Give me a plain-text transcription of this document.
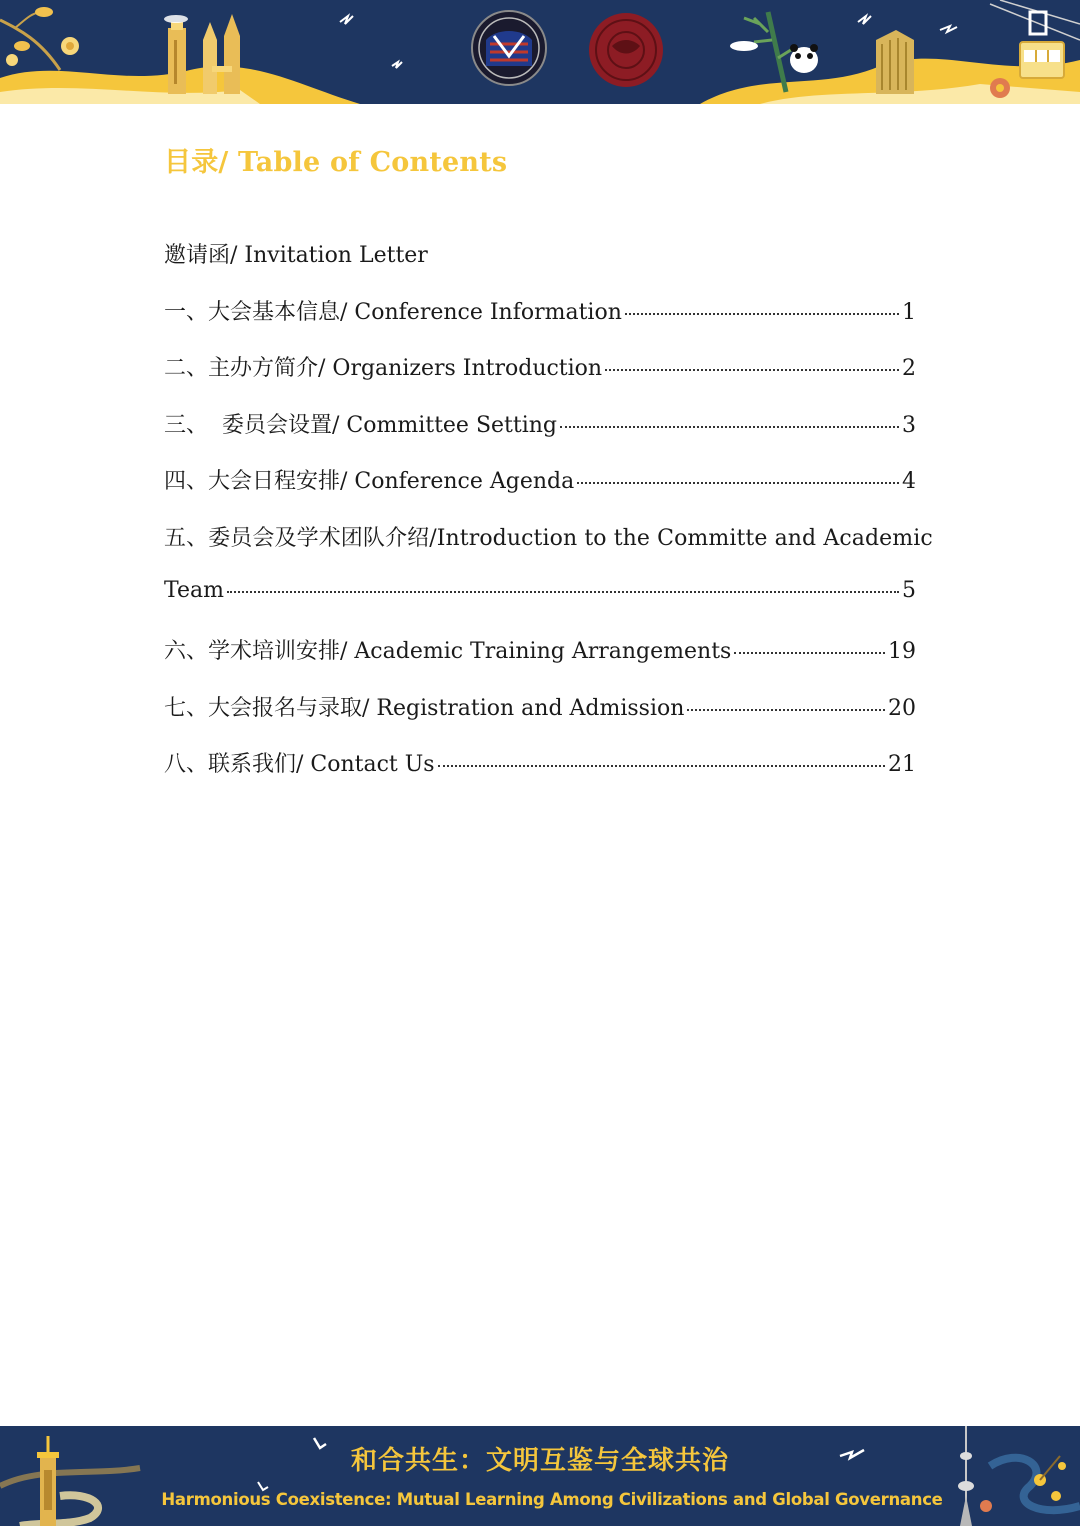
目录/ Table of Contents
邀请函/ Invitation Letter
一、大会基本信息/ Conference Information	1
二、主办方简介/ Organizers Introduction	2
三、  委员会设置/ Committee Setting	3
四、大会日程安排/ Conference Agenda	4
五、委员会及学术团队介绍/Introduction to the Committe and Academic
Team	5
六、学术培训安排/ Academic Training Arrangements	19
七、大会报名与录取/ Registration and Admission	20
八、联系我们/ Contact Us	21
和合共生：文明互鉴与全球共治
Harmonious Coexistence: Mutual Learning Among Civilizations and Global Governance
